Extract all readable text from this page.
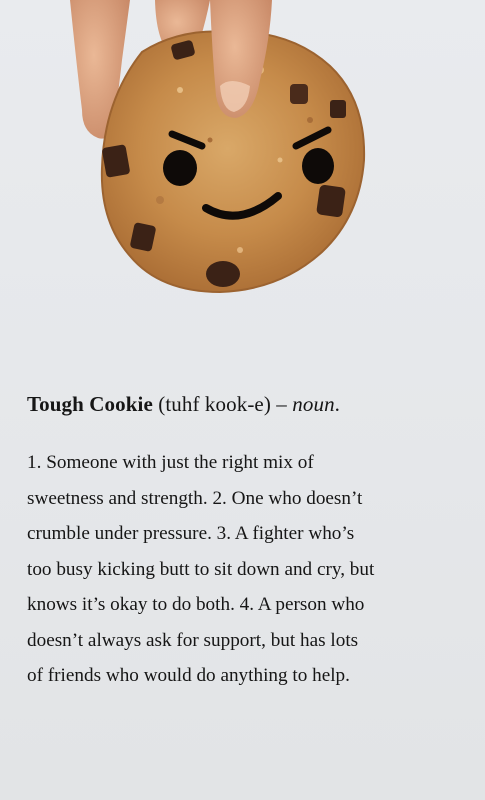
Tough Cookie (tuhf kook-e) – noun.

1. Someone with just the right mix of
sweetness and strength. 2. One who doesn’t
crumble under pressure. 3. A fighter who’s
too busy kicking butt to sit down and cry, but
knows it’s okay to do both. 4. A person who
doesn’t always ask for support, but has lots
of friends who would do anything to help.
